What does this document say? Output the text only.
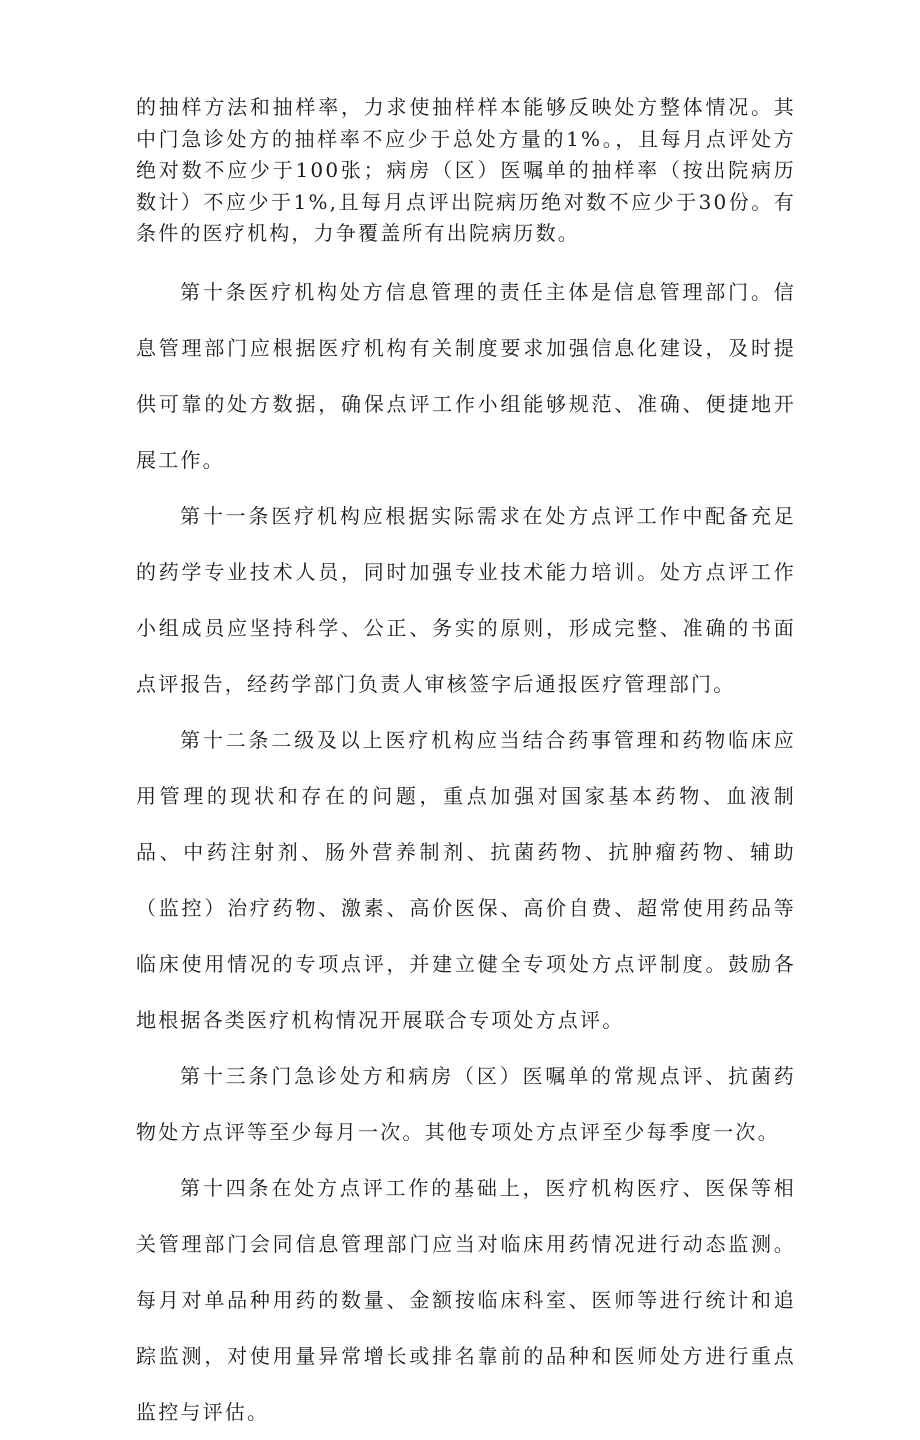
的抽样方法和抽样率，力求使抽样样本能够反映处方整体情况。其中门急诊处方的抽样率不应少于总处方量的1%。，且每月点评处方绝对数不应少于100张；病房（区）医嘱单的抽样率（按出院病历数计）不应少于1%,且每月点评出院病历绝对数不应少于30份。有条件的医疗机构，力争覆盖所有出院病历数。

第十条医疗机构处方信息管理的责任主体是信息管理部门。信息管理部门应根据医疗机构有关制度要求加强信息化建设，及时提供可靠的处方数据，确保点评工作小组能够规范、准确、便捷地开展工作。

第十一条医疗机构应根据实际需求在处方点评工作中配备充足的药学专业技术人员，同时加强专业技术能力培训。处方点评工作小组成员应坚持科学、公正、务实的原则，形成完整、准确的书面点评报告，经药学部门负责人审核签字后通报医疗管理部门。

第十二条二级及以上医疗机构应当结合药事管理和药物临床应用管理的现状和存在的问题，重点加强对国家基本药物、血液制品、中药注射剂、肠外营养制剂、抗菌药物、抗肿瘤药物、辅助（监控）治疗药物、激素、高价医保、高价自费、超常使用药品等临床使用情况的专项点评，并建立健全专项处方点评制度。鼓励各地根据各类医疗机构情况开展联合专项处方点评。

第十三条门急诊处方和病房（区）医嘱单的常规点评、抗菌药物处方点评等至少每月一次。其他专项处方点评至少每季度一次。

第十四条在处方点评工作的基础上，医疗机构医疗、医保等相关管理部门会同信息管理部门应当对临床用药情况进行动态监测。每月对单品种用药的数量、金额按临床科室、医师等进行统计和追踪监测，对使用量异常增长或排名靠前的品种和医师处方进行重点监控与评估。
